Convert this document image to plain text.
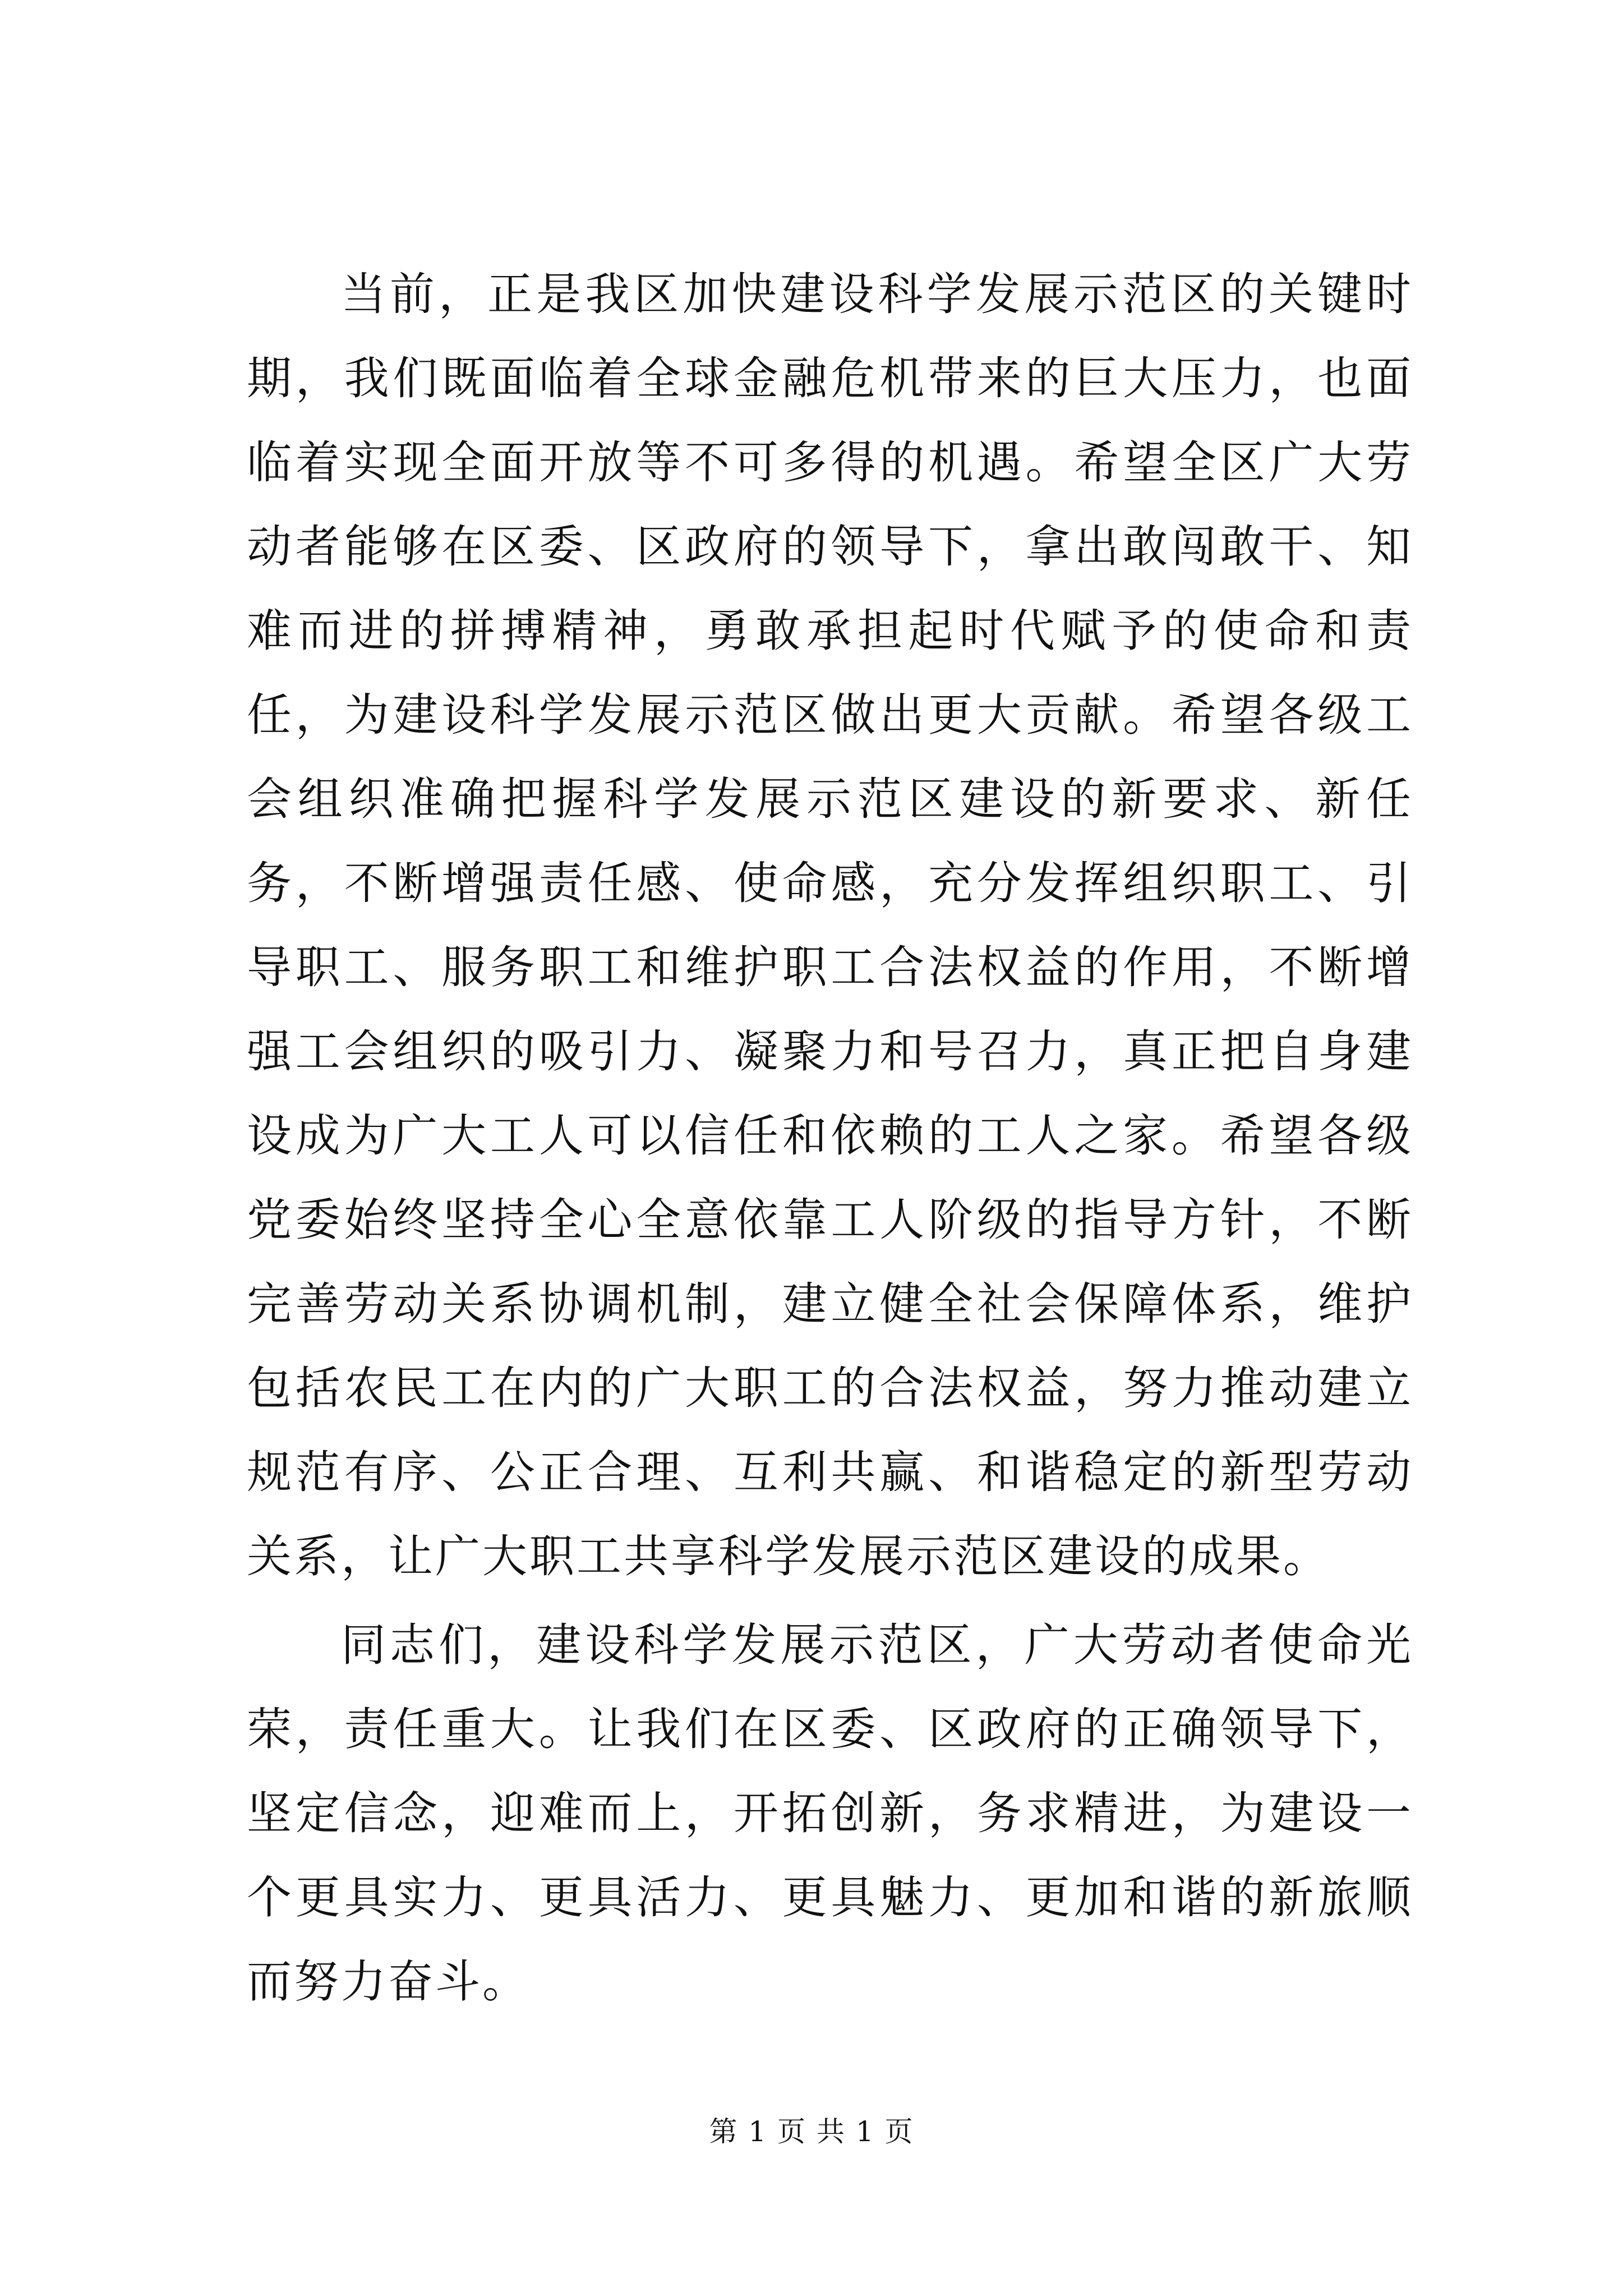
当前，正是我区加快建设科学发展示范区的关键时期，我们既面临着全球金融危机带来的巨大压力，也面临着实现全面开放等不可多得的机遇。希望全区广大劳动者能够在区委、区政府的领导下，拿出敢闯敢干、知难而进的拼搏精神，勇敢承担起时代赋予的使命和责任，为建设科学发展示范区做出更大贡献。希望各级工会组织准确把握科学发展示范区建设的新要求、新任务，不断增强责任感、使命感，充分发挥组织职工、引导职工、服务职工和维护职工合法权益的作用，不断增强工会组织的吸引力、凝聚力和号召力，真正把自身建设成为广大工人可以信任和依赖的工人之家。希望各级党委始终坚持全心全意依靠工人阶级的指导方针，不断完善劳动关系协调机制，建立健全社会保障体系，维护包括农民工在内的广大职工的合法权益，努力推动建立规范有序、公正合理、互利共赢、和谐稳定的新型劳动关系，让广大职工共享科学发展示范区建设的成果。

同志们，建设科学发展示范区，广大劳动者使命光荣，责任重大。让我们在区委、区政府的正确领导下，坚定信念，迎难而上，开拓创新，务求精进，为建设一个更具实力、更具活力、更具魅力、更加和谐的新旅顺而努力奋斗。

第 1 页 共 1 页
